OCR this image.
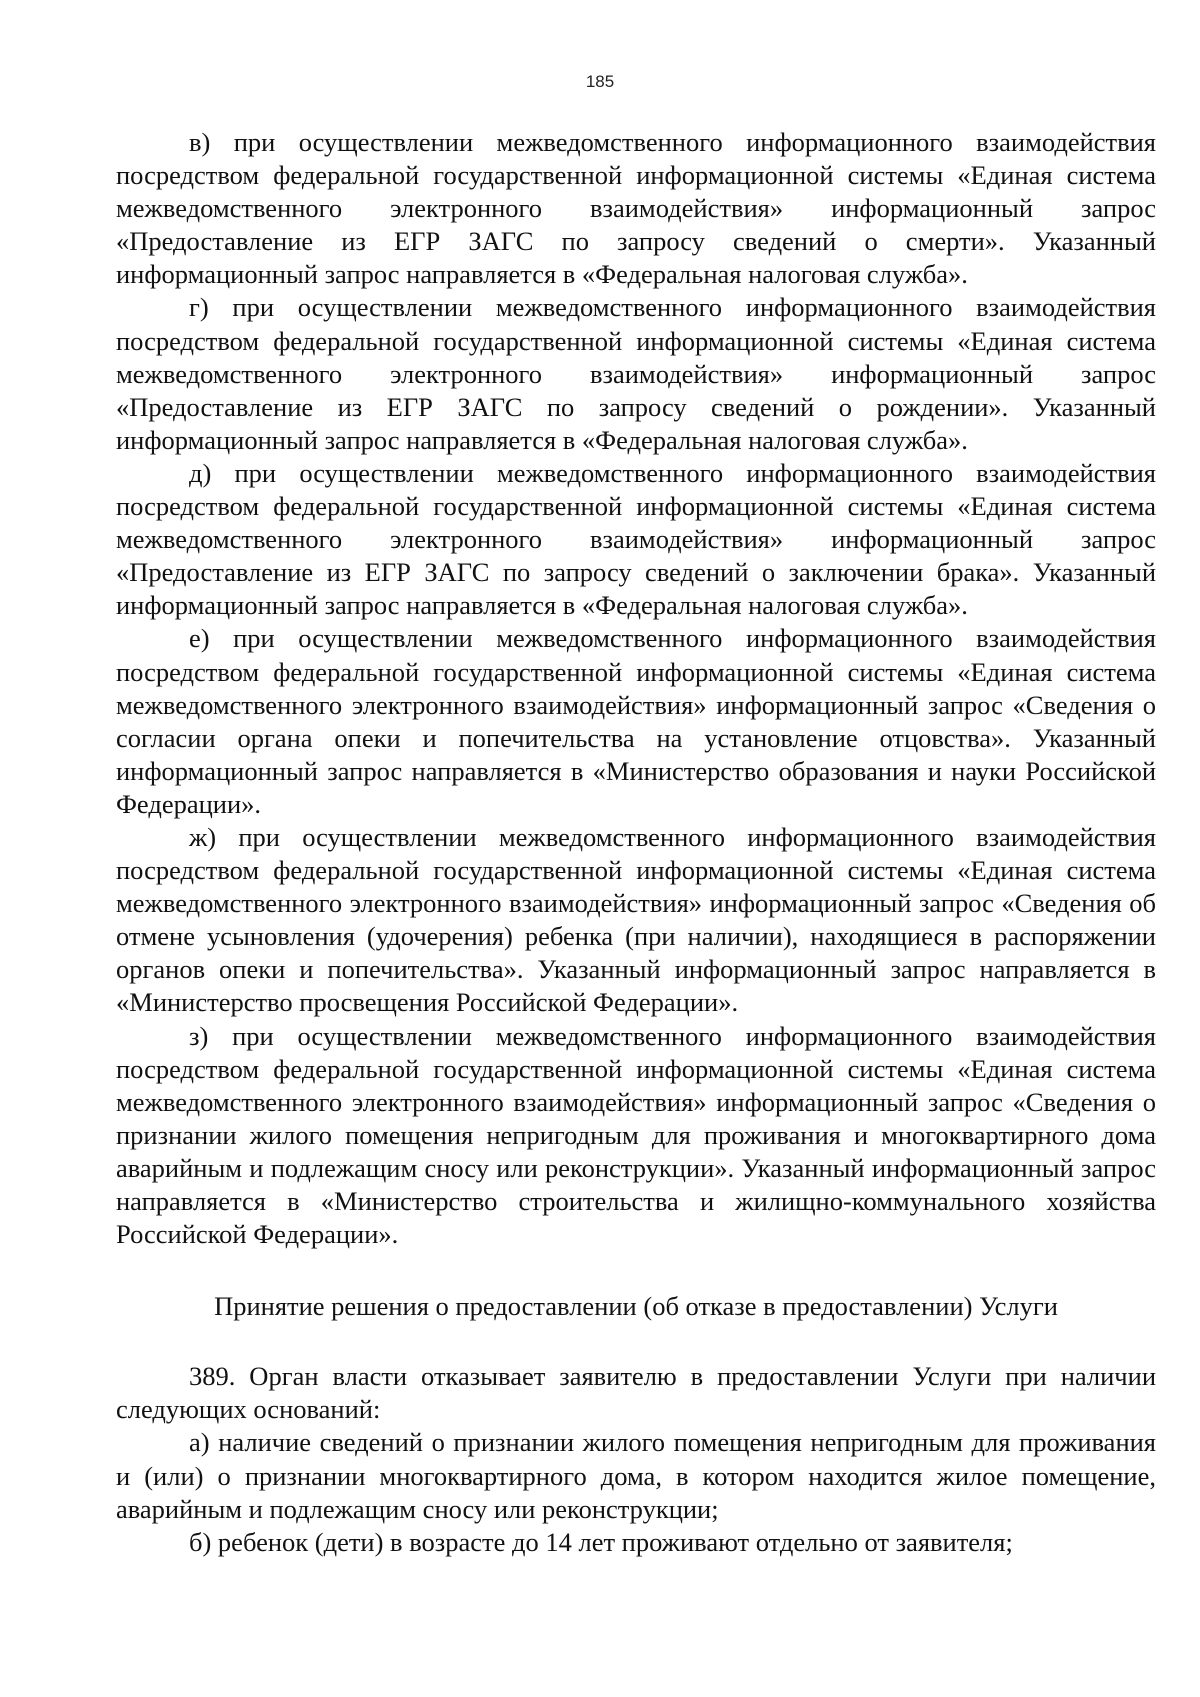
185

в) при осуществлении межведомственного информационного взаимодействия посредством федеральной государственной информационной системы «Единая система межведомственного электронного взаимодействия» информационный запрос «Предоставление из ЕГР ЗАГС по запросу сведений о смерти». Указанный информационный запрос направляется в «Федеральная налоговая служба».

г) при осуществлении межведомственного информационного взаимодействия посредством федеральной государственной информационной системы «Единая система межведомственного электронного взаимодействия» информационный запрос «Предоставление из ЕГР ЗАГС по запросу сведений о рождении». Указанный информационный запрос направляется в «Федеральная налоговая служба».

д) при осуществлении межведомственного информационного взаимодействия посредством федеральной государственной информационной системы «Единая система межведомственного электронного взаимодействия» информационный запрос «Предоставление из ЕГР ЗАГС по запросу сведений о заключении брака». Указанный информационный запрос направляется в «Федеральная налоговая служба».

е) при осуществлении межведомственного информационного взаимодействия посредством федеральной государственной информационной системы «Единая система межведомственного электронного взаимодействия» информационный запрос «Сведения о согласии органа опеки и попечительства на установление отцовства». Указанный информационный запрос направляется в «Министерство образования и науки Российской Федерации».

ж) при осуществлении межведомственного информационного взаимодействия посредством федеральной государственной информационной системы «Единая система межведомственного электронного взаимодействия» информационный запрос «Сведения об отмене усыновления (удочерения) ребенка (при наличии), находящиеся в распоряжении органов опеки и попечительства». Указанный информационный запрос направляется в «Министерство просвещения Российской Федерации».

з) при осуществлении межведомственного информационного взаимодействия посредством федеральной государственной информационной системы «Единая система межведомственного электронного взаимодействия» информационный запрос «Сведения о признании жилого помещения непригодным для проживания и многоквартирного дома аварийным и подлежащим сносу или реконструкции». Указанный информационный запрос направляется в «Министерство строительства и жилищно-коммунального хозяйства Российской Федерации».

Принятие решения о предоставлении (об отказе в предоставлении) Услуги

389. Орган власти отказывает заявителю в предоставлении Услуги при наличии следующих оснований:

а) наличие сведений о признании жилого помещения непригодным для проживания и (или) о признании многоквартирного дома, в котором находится жилое помещение, аварийным и подлежащим сносу или реконструкции;

б) ребенок (дети) в возрасте до 14 лет проживают отдельно от заявителя;
